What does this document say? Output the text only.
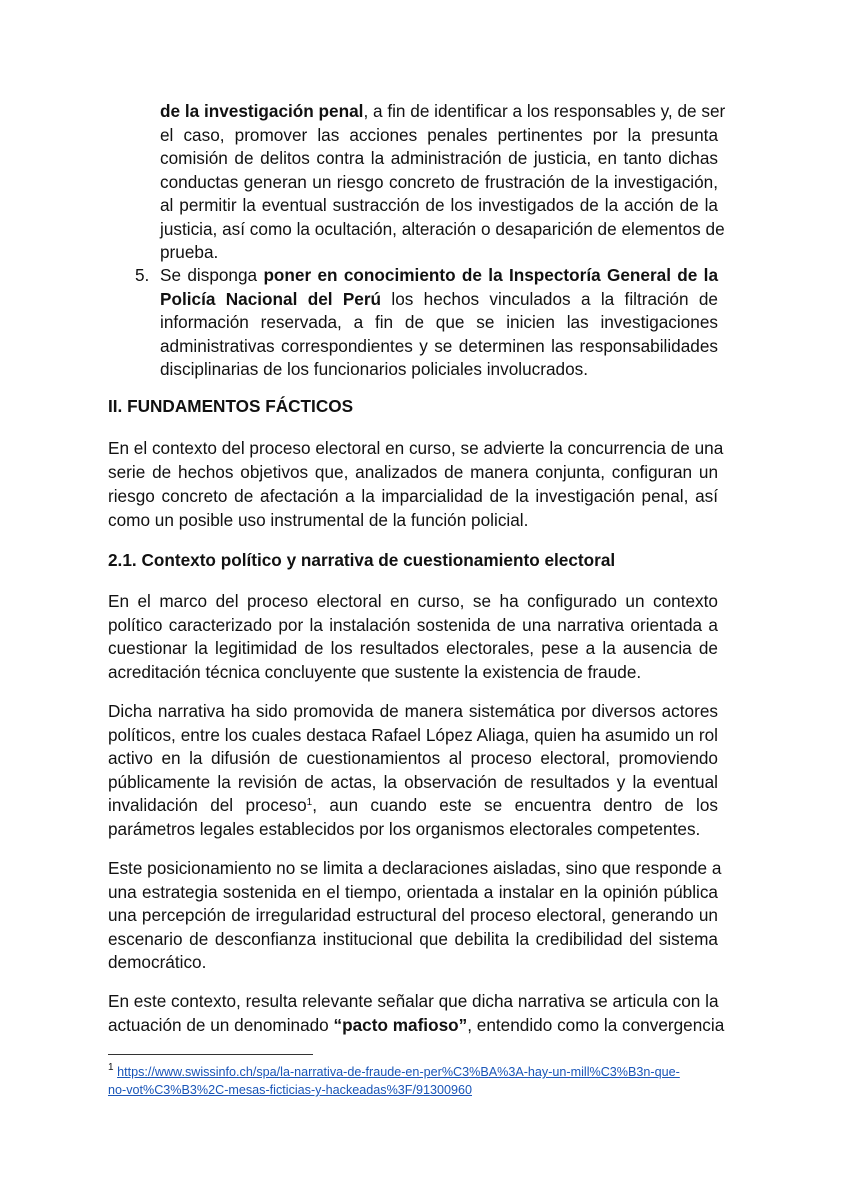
de la investigación penal, a fin de identificar a los responsables y, de ser
el caso, promover las acciones penales pertinentes por la presunta
comisión de delitos contra la administración de justicia, en tanto dichas
conductas generan un riesgo concreto de frustración de la investigación,
al permitir la eventual sustracción de los investigados de la acción de la
justicia, así como la ocultación, alteración o desaparición de elementos de
prueba.
5. Se disponga poner en conocimiento de la Inspectoría General de la
Policía Nacional del Perú los hechos vinculados a la filtración de
información reservada, a fin de que se inicien las investigaciones
administrativas correspondientes y se determinen las responsabilidades
disciplinarias de los funcionarios policiales involucrados.
II. FUNDAMENTOS FÁCTICOS
En el contexto del proceso electoral en curso, se advierte la concurrencia de una
serie de hechos objetivos que, analizados de manera conjunta, configuran un
riesgo concreto de afectación a la imparcialidad de la investigación penal, así
como un posible uso instrumental de la función policial.
2.1. Contexto político y narrativa de cuestionamiento electoral
En el marco del proceso electoral en curso, se ha configurado un contexto
político caracterizado por la instalación sostenida de una narrativa orientada a
cuestionar la legitimidad de los resultados electorales, pese a la ausencia de
acreditación técnica concluyente que sustente la existencia de fraude.
Dicha narrativa ha sido promovida de manera sistemática por diversos actores
políticos, entre los cuales destaca Rafael López Aliaga, quien ha asumido un rol
activo en la difusión de cuestionamientos al proceso electoral, promoviendo
públicamente la revisión de actas, la observación de resultados y la eventual
invalidación del proceso$^1$, aun cuando este se encuentra dentro de los
parámetros legales establecidos por los organismos electorales competentes.
Este posicionamiento no se limita a declaraciones aisladas, sino que responde a
una estrategia sostenida en el tiempo, orientada a instalar en la opinión pública
una percepción de irregularidad estructural del proceso electoral, generando un
escenario de desconfianza institucional que debilita la credibilidad del sistema
democrático.
En este contexto, resulta relevante señalar que dicha narrativa se articula con la
actuación de un denominado “pacto mafioso”, entendido como la convergencia
$^1$ https://www.swissinfo.ch/spa/la-narrativa-de-fraude-en-per%C3%BA%3A-hay-un-mill%C3%B3n-que-
no-vot%C3%B3%2C-mesas-ficticias-y-hackeadas%3F/91300960
